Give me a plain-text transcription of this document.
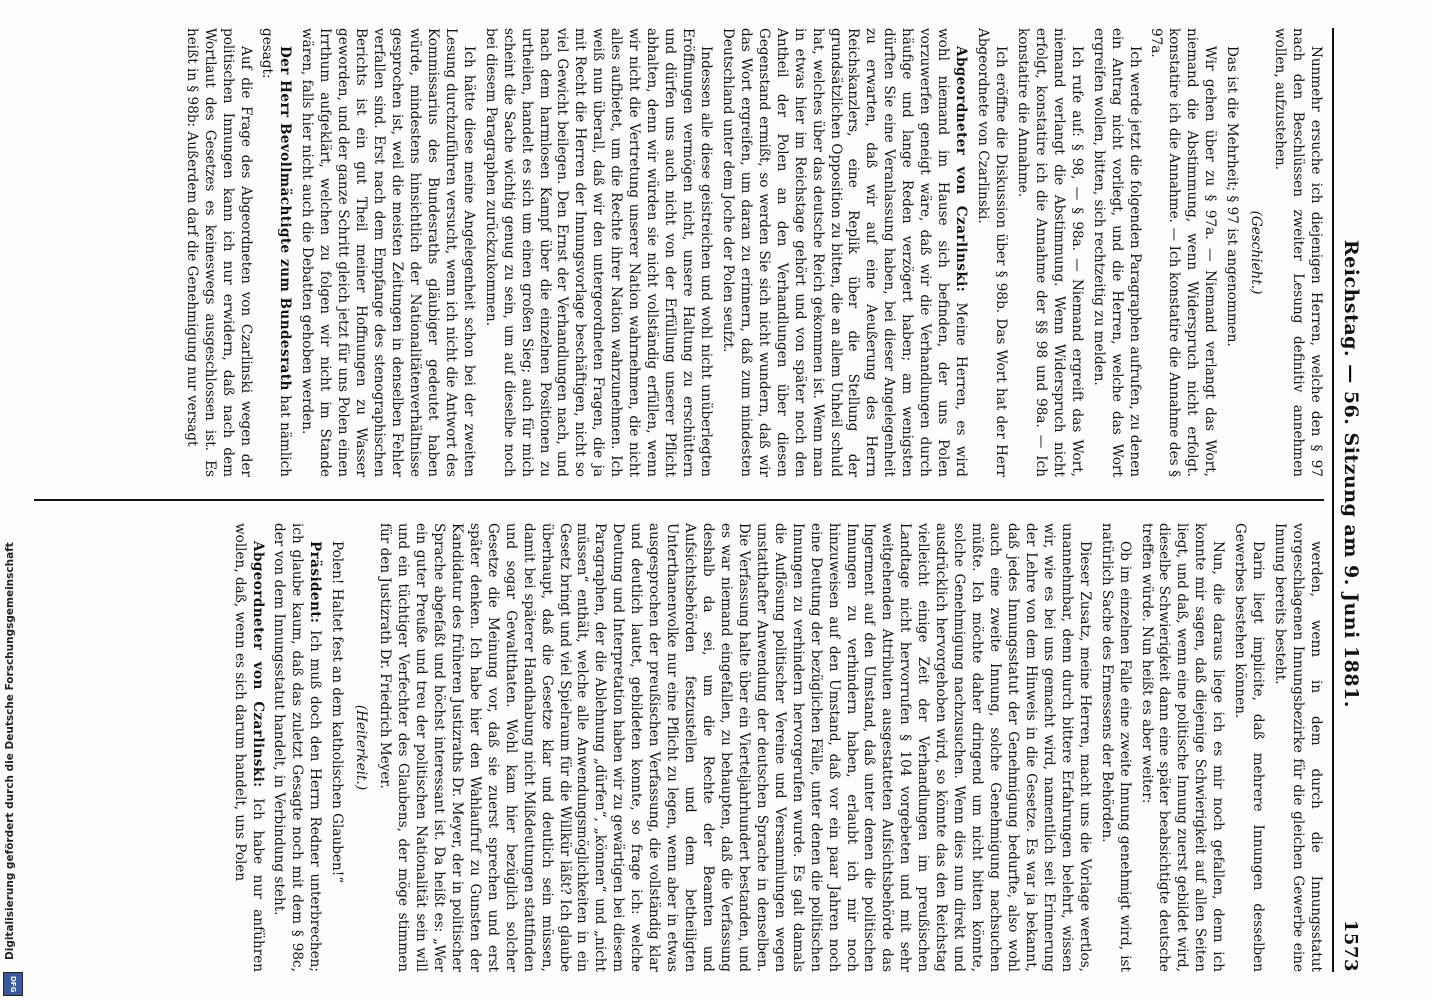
Reichstag. — 56. Sitzung am 9. Juni 1881.
1573

Nunmehr ersuche ich diejenigen Herren, welche den § 97 nach den Beschlüssen zweiter Lesung definitiv annehmen wollen, aufzustehen.

(Geschieht.)

Das ist die Mehrheit; § 97 ist angenommen.

Wir gehen über zu § 97a. — Niemand verlangt das Wort, niemand die Abstimmung, wenn Widerspruch nicht erfolgt. konstatire ich die Annahme. — Ich konstatire die Annahme des § 97a.

Ich werde jetzt die folgenden Paragraphen aufrufen, zu denen ein Antrag nicht vorliegt, und die Herren, welche das Wort ergreifen wollen, bitten, sich rechtzeitig zu melden.

Ich rufe auf: § 98, — § 98a. — Niemand ergreift das Wort, niemand verlangt die Abstimmung. Wenn Widerspruch nicht erfolgt, konstatire ich die Annahme der §§ 98 und 98a. — Ich konstatire die Annahme.

Ich eröffne die Diskussion über § 98b. Das Wort hat der Herr Abgeordnete von Czarlinski.

Abgeordneter von Czarlinski: Meine Herren, es wird wohl niemand im Hause sich befinden, der uns Polen vorzuwerfen geneigt wäre, daß wir die Verhandlungen durch häufige und lange Reden verzögert haben; am wenigsten dürften Sie eine Veranlassung haben, bei dieser Angelegenheit zu erwarten, daß wir auf eine Aeußerung des Herrn Reichskanzlers, eine Replik über die Stellung der grundsätzlichen Opposition zu bitten, die an allem Unheil schuld hat, welches über das deutsche Reich gekommen ist. Wenn man in etwas hier im Reichstage gehört und von später noch den Antheil der Polen an den Verhandlungen über diesen Gegenstand ermißt, so werden Sie sich nicht wundern, daß wir das Wort ergreifen, um daran zu erinnern, daß zum mindesten Deutschland unter dem Joche der Polen seufzt.

Indessen alle diese geistreichen und wohl nicht unüberlegten Eröffnungen vermögen nicht, unsere Haltung zu erschüttern und dürfen uns auch nicht von der Erfüllung unserer Pflicht abhalten, denn wir würden sie nicht vollständig erfüllen, wenn wir nicht die Vertretung unserer Nation wahrnehmen, die nicht alles aufbietet, um die Rechte ihrer Nation wahrzunehmen. Ich weiß nun überall, daß wir den untergeordneten Fragen, die ja mit Recht die Herren der Innungsvorlage beschäftigen, nicht so viel Gewicht beilegen. Den Ernst der Verhandlungen nach, und nach dem harmlosen Kampf über die einzelnen Positionen zu urtheilen, handelt es sich um einen großen Sieg; auch für mich scheint die Sache wichtig genug zu sein, um auf dieselbe noch bei diesem Paragraphen zurückzukommen.

Ich hätte diese meine Angelegenheit schon bei der zweiten Lesung durchzuführen versucht, wenn ich nicht die Antwort des Kommissarius des Bundesraths gläubiger gedeutet haben würde, mindestens hinsichtlich der Nationalitätenverhältnisse gesprochen ist, weil die meisten Zeitungen in denselben Fehler verfallen sind. Erst nach dem Empfange des stenographischen Berichts ist ein gut Theil meiner Hoffnungen zu Wasser geworden, und der ganze Schritt gleich jetzt für uns Polen einen Irrthum aufgeklärt, welchen zu folgen wir nicht im Stande wären, falls hier nicht auch die Debatten gehoben werden.

Der Herr Bevollmächtigte zum Bundesrath hat nämlich gesagt:

Auf die Frage des Abgeordneten von Czarlinski wegen der politischen Innungen kann ich nur erwidern, daß nach dem Wortlaut des Gesetzes es keineswegs ausgeschlossen ist. Es heißt in § 98b: Außerdem darf die Genehmigung nur versagt

werden, wenn in dem durch die Innungsstatut vorgeschlagenen Innungsbezirke für die gleichen Gewerbe eine Innung bereits besteht.

Darin liegt implicite, daß mehrere Innungen desselben Gewerbes bestehen können.

Nun, die daraus liege ich es mir noch gefallen, denn ich konnte mir sagen, daß diejenige Schwierigkeit auf allen Seiten liegt, und daß, wenn eine politische Innung zuerst gebildet wird, dieselbe Schwierigkeit dann eine später beabsichtigte deutsche treffen würde. Nun heißt es aber weiter:

Ob im einzelnen Falle eine zweite Innung genehmigt wird, ist natürlich Sache des Ermessens der Behörden.

Dieser Zusatz, meine Herren, macht uns die Vorlage wertlos, unannehmbar, denn durch bittere Erfahrungen belehrt, wissen wir, wie es bei uns gemacht wird, namentlich seit Erinnerung der Lehre von dem Hinweis in die Gesetze. Es war ja bekannt, daß jedes Innungsstatut der Genehmigung bedurfte, also wohl auch eine zweite Innung, solche Genehmigung nachsuchen müßte. Ich möchte daher dringend um nicht bitten könnte, solche Genehmigung nachzusuchen. Wenn dies nun direkt und ausdrücklich hervorgehoben wird, so könnte das den Reichstag vielleicht einige Zeit der Verhandlungen im preußischen Landtage nicht hervorrufen § 104 vorgebeten und mit sehr weitgehenden Attributen ausgestatteten Aufsichtsbehörde das Ingerment auf den Umstand, daß unter denen die politischen Innungen zu verhindern haben, erlaubt ich mir noch hinzuweisen auf den Umstand, daß vor ein paar Jahren noch eine Deutung der bezüglichen Fälle, unter denen die politischen Innungen zu verhindern hervorgerufen wurde. Es galt damals die Auflösung politischer Vereine und Versammlungen wegen unstatthafter Anwendung der deutschen Sprache in denselben. Die Verfassung halte über ein Vierteljahrhundert bestanden, und es war niemand eingefallen, zu behaupten, daß die Verfassung deshalb da sei, um die Rechte der Beamten und Aufsichtsbehörden festzustellen und dem betheiligten Unterthanenvolke nur eine Pflicht zu legen, wenn aber in etwas ausgesprochen der preußischen Verfassung, die vollständig klar und deutlich lautet, gebildeten konnte, so frage ich: welche Deutung und Interpretation haben wir zu gewärtigen bei diesem Paragraphen, der die Ablehnung „dürfen“, „können“ und „nicht müssen“ enthält, welche alle Anwendungsmöglichkeiten in ein Gesetz bringt und viel Spielraum für die Willkür läßt? Ich glaube überhaupt, daß die Gesetze klar und deutlich sein müssen, damit bei späterer Handhabung nicht Mißdeutungen stattfinden und sogar Gewaltthaten. Wohl kam hier bezüglich solcher Gesetze die Meinung vor, daß sie zuerst sprechen und erst später denken. Ich habe hier den Wahlaufruf zu Gunsten der Kandidatur des früheren Justizraths Dr. Meyer, der in politischer Sprache abgefaßt und höchst interessant ist. Da heißt es: „Wer ein guter Preuße und treu der politischen Nationalität sein will und ein tüchtiger Verfechter des Glaubens, der möge stimmen für den Justizrath Dr. Friedrich Meyer.

(Heiterkeit.)

Polen! Haltet fest an dem katholischen Glauben!“

Präsident: Ich muß doch den Herrn Redner unterbrechen; ich glaube kaum, daß das zuletzt Gesagte noch mit dem § 98c, der von dem Innungsstatut handelt, in Verbindung steht.

Abgeordneter von Czarlinski: Ich habe nur anführen wollen, daß, wenn es sich darum handelt, uns Polen

Digitalisierung gefördert durch die Deutsche Forschungsgemeinschaft
DFG
